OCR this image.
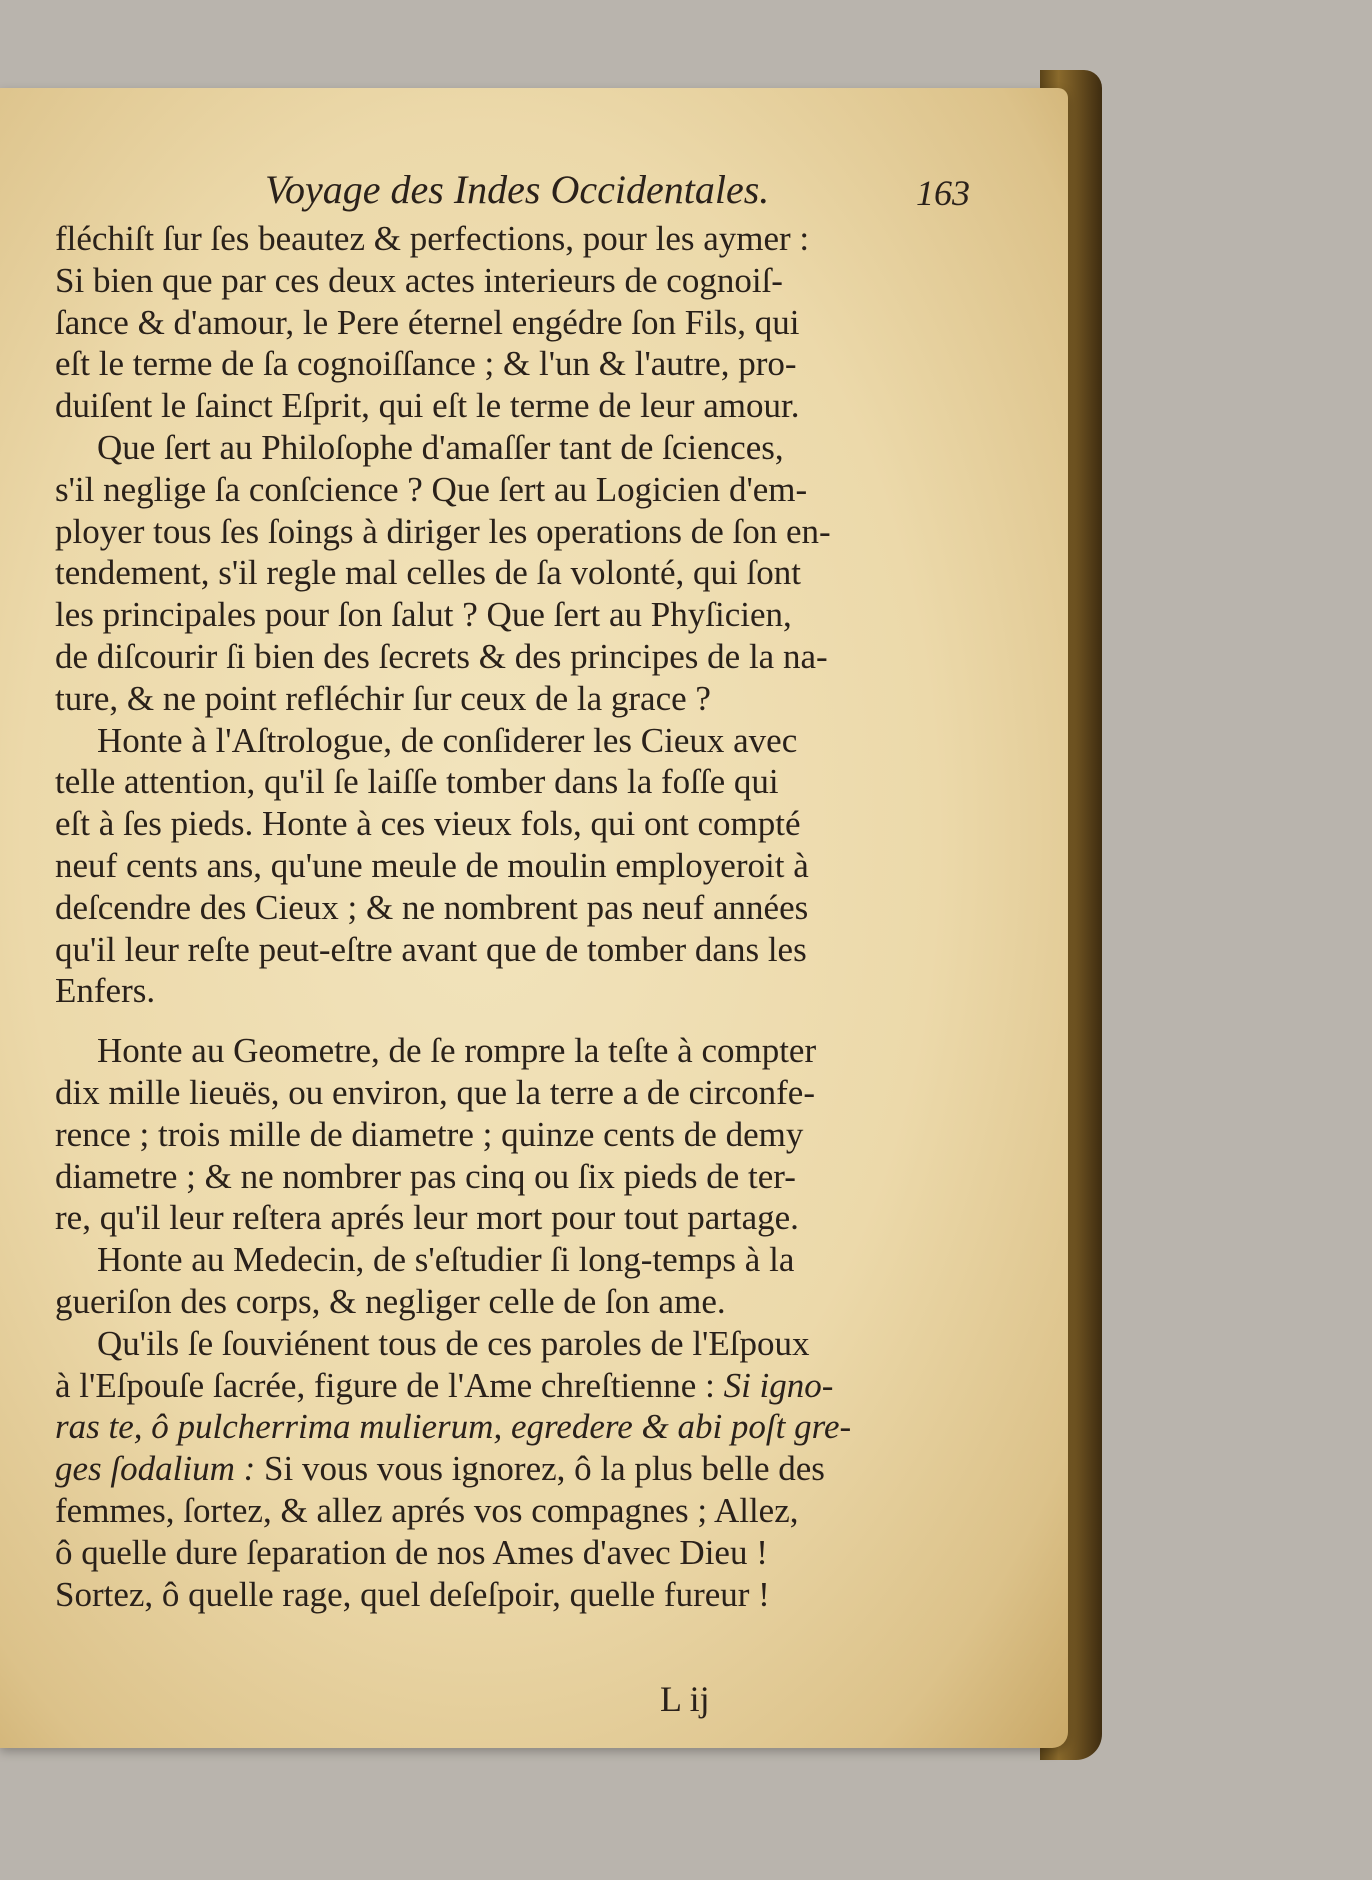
Voyage des Indes Occidentales.	163
fléchiſt ſur ſes beautez & perfections, pour les aymer :
Si bien que par ces deux actes interieurs de cognoiſ-
ſance & d'amour, le Pere éternel engédre ſon Fils, qui
eſt le terme de ſa cognoiſſance ; & l'un & l'autre, pro-
duiſent le ſainct Eſprit, qui eſt le terme de leur amour.
Que ſert au Philoſophe d'amaſſer tant de ſciences,
s'il neglige ſa conſcience ? Que ſert au Logicien d'em-
ployer tous ſes ſoings à diriger les operations de ſon en-
tendement, s'il regle mal celles de ſa volonté, qui ſont
les principales pour ſon ſalut ? Que ſert au Phyſicien,
de diſcourir ſi bien des ſecrets & des principes de la na-
ture, & ne point refléchir ſur ceux de la grace ?
Honte à l'Aſtrologue, de conſiderer les Cieux avec
telle attention, qu'il ſe laiſſe tomber dans la foſſe qui
eſt à ſes pieds. Honte à ces vieux fols, qui ont compté
neuf cents ans, qu'une meule de moulin employeroit à
deſcendre des Cieux ; & ne nombrent pas neuf années
qu'il leur reſte peut-eſtre avant que de tomber dans les
Enfers.
Honte au Geometre, de ſe rompre la teſte à compter
dix mille lieuës, ou environ, que la terre a de circonfe-
rence ; trois mille de diametre ; quinze cents de demy
diametre ; & ne nombrer pas cinq ou ſix pieds de ter-
re, qu'il leur reſtera aprés leur mort pour tout partage.
Honte au Medecin, de s'eſtudier ſi long-temps à la
gueriſon des corps, & negliger celle de ſon ame.
Qu'ils ſe ſouviénent tous de ces paroles de l'Eſpoux
à l'Eſpouſe ſacrée, figure de l'Ame chreſtienne : Si igno-
ras te, ô pulcherrima mulierum, egredere & abi poſt gre-
ges ſodalium : Si vous vous ignorez, ô la plus belle des
femmes, ſortez, & allez aprés vos compagnes ; Allez,
ô quelle dure ſeparation de nos Ames d'avec Dieu !
Sortez, ô quelle rage, quel deſeſpoir, quelle fureur !
L ij
